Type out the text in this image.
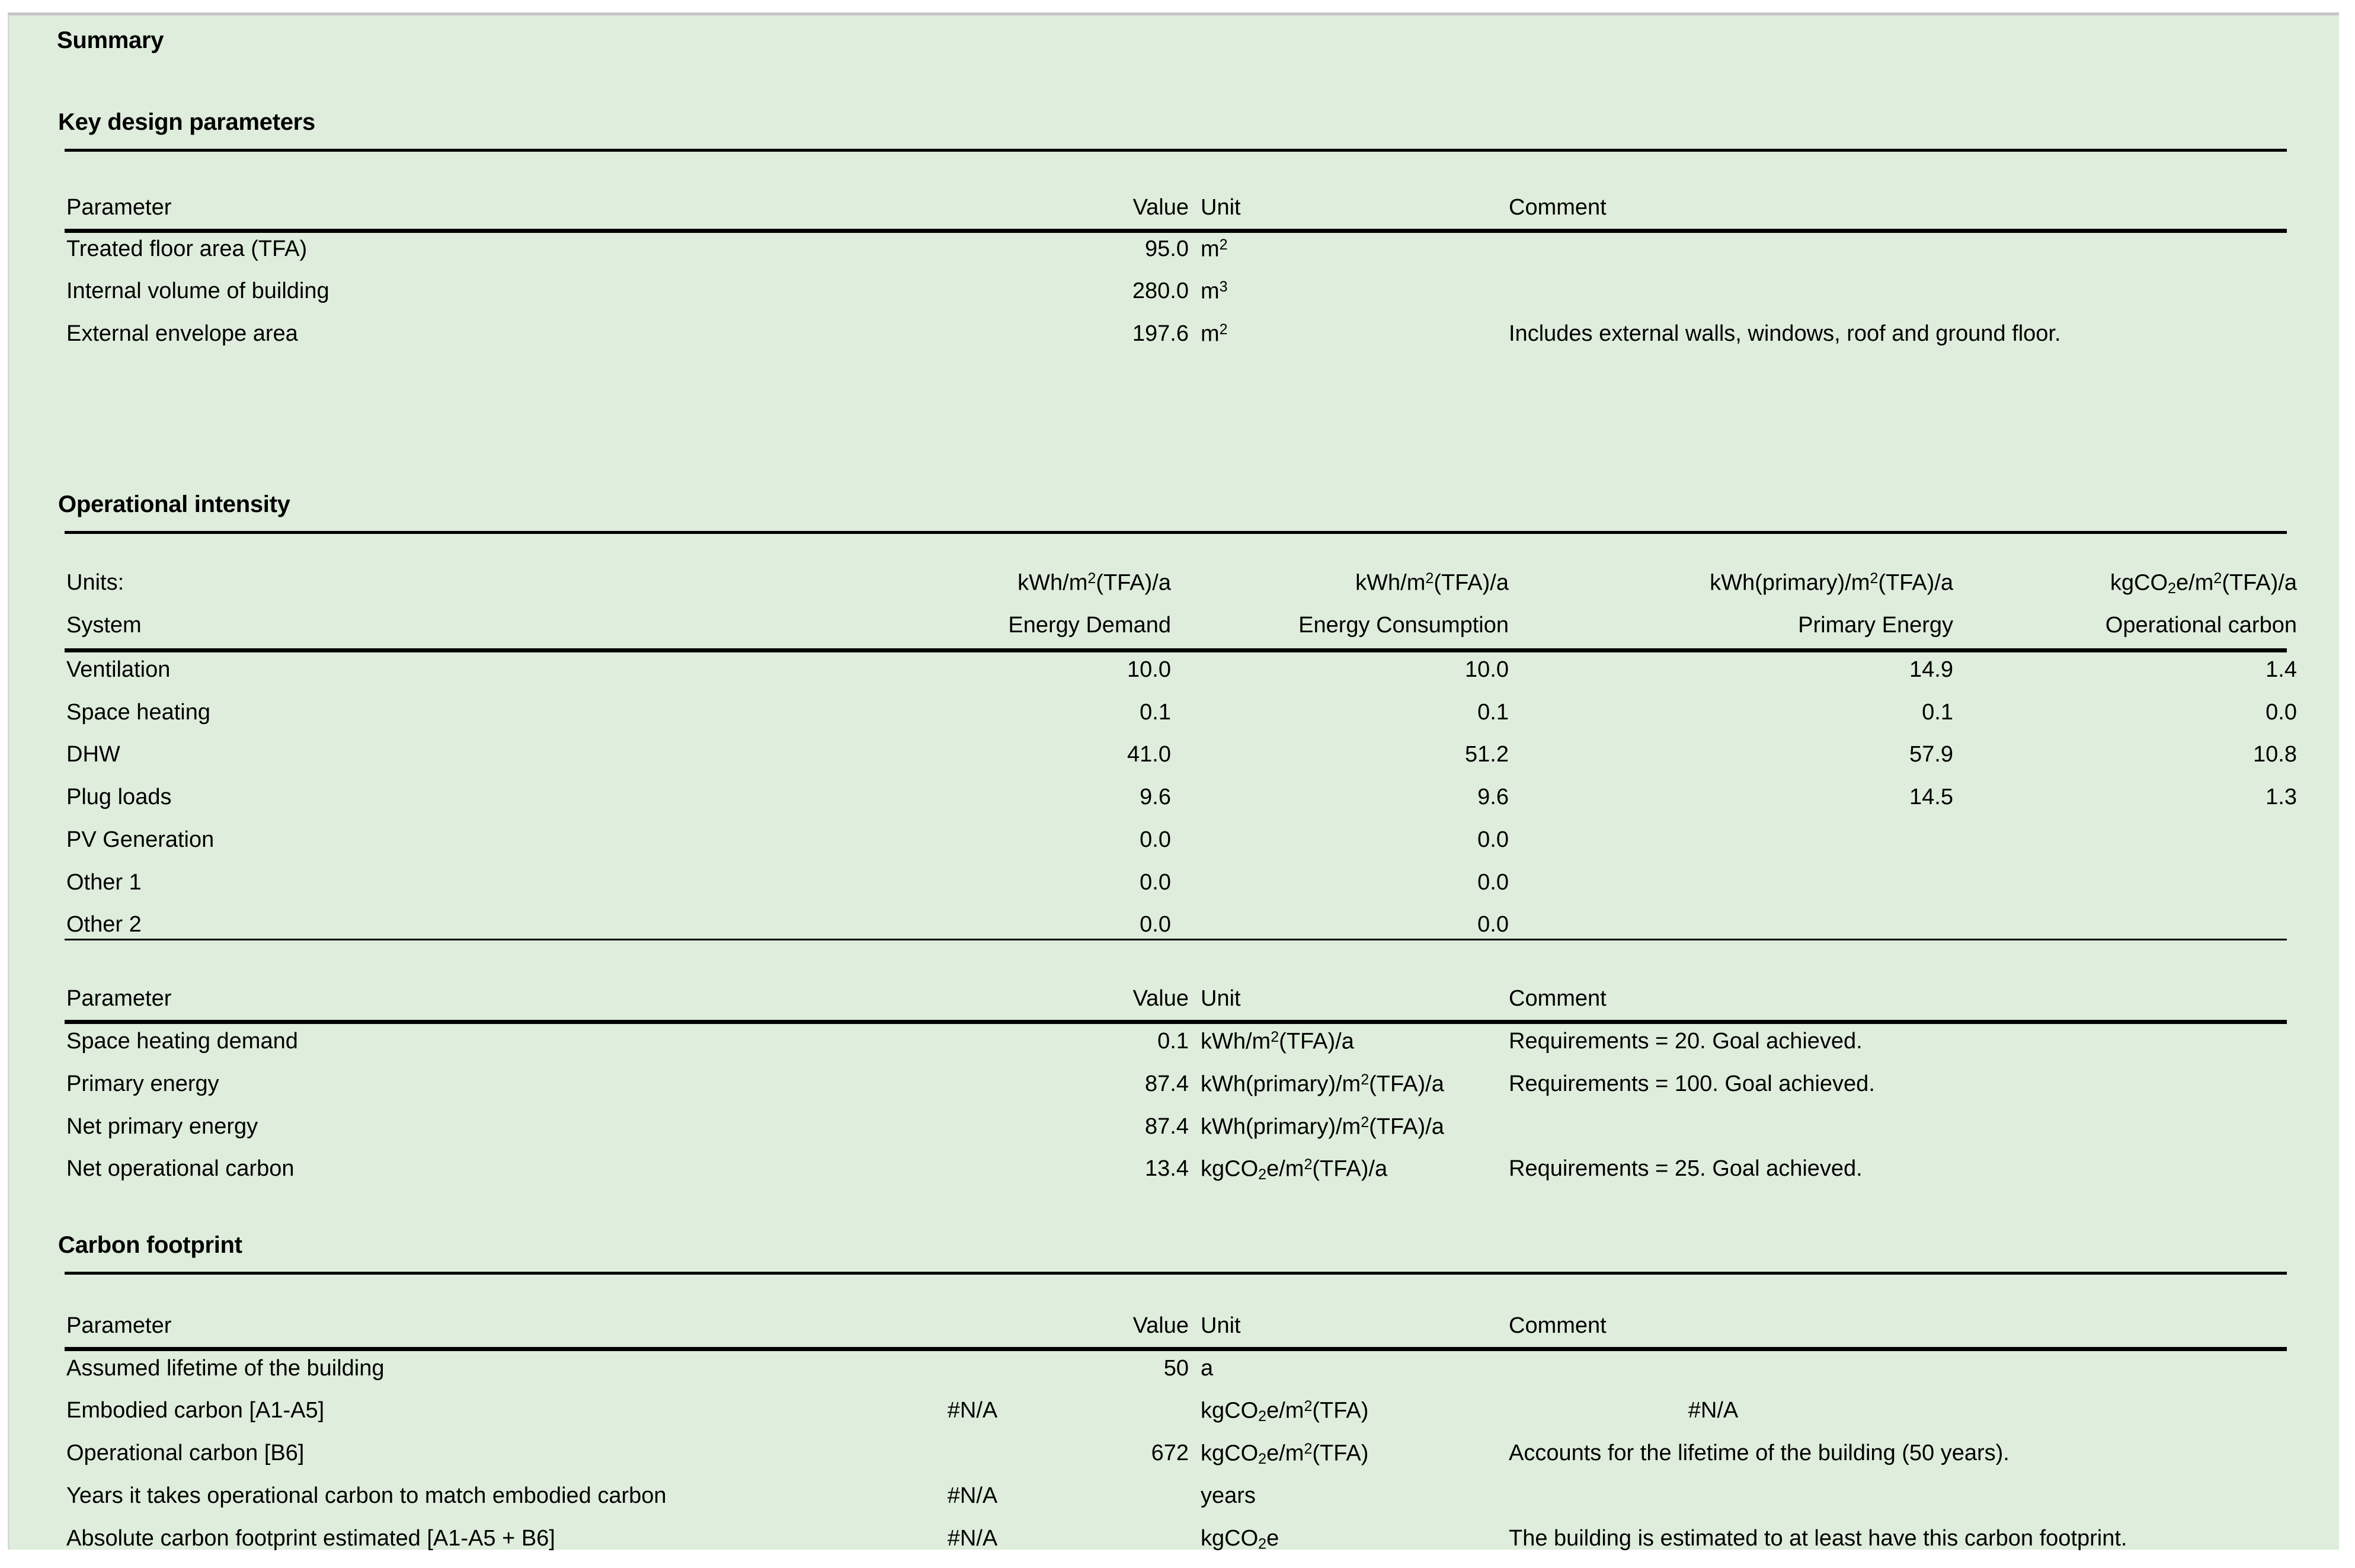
Summary
Key design parameters
Parameter	Value Unit	Comment
Treated floor area (TFA)	95.0 $m^2$
Internal volume of building	280.0 $m^3$
External envelope area	197.6 $m^2$	Includes external walls, windows, roof and ground floor.
Operational intensity
Units:	kWh/$m^2(TFA)/a$	kWh/$m^2(TFA)/a$	$kWh(primary)/m^2(TFA)/a$	$kgCO_2e/m^2(TFA)/a$
System	Energy Demand	Energy Consumption	Primary Energy	Operational carbon
Ventilation	10.0	10.0	14.9	1.4
Space heating	0.1	0.1	0.1	0.0
DHW	41.0	51.2	57.9	10.8
Plug loads	9.6	9.6	14.5	1.3
PV Generation	0.0	0.0
Other 1	0.0	0.0
Other 2	0.0	0.0
Parameter	Value Unit	Comment
Space heating demand	0.1 kWh/$m^2(TFA)/a$	Requirements = 20. Goal achieved.
Primary energy	87.4 $kWh(primary)/m^2(TFA)/a$	Requirements = 100. Goal achieved.
Net primary energy	87.4 $kWh(primary)/m^2(TFA)/a$
Net operational carbon	13.4 $kgCO_2e/m^2(TFA)/a$	Requirements = 25. Goal achieved.
Carbon footprint
Parameter	Value Unit	Comment
Assumed lifetime of the building	50 a
Embodied carbon [A1-A5]	#N/A	$kgCO_2e/m^2(TFA)$	#N/A
Operational carbon [B6]	672 $kgCO_2e/m^2(TFA)$	Accounts for the lifetime of the building (50 years).
Years it takes operational carbon to match embodied carbon	#N/A	years
Absolute carbon footprint estimated [A1-A5 + B6]	#N/A	kgCO$_2$e	The building is estimated to at least have this carbon footprint.
